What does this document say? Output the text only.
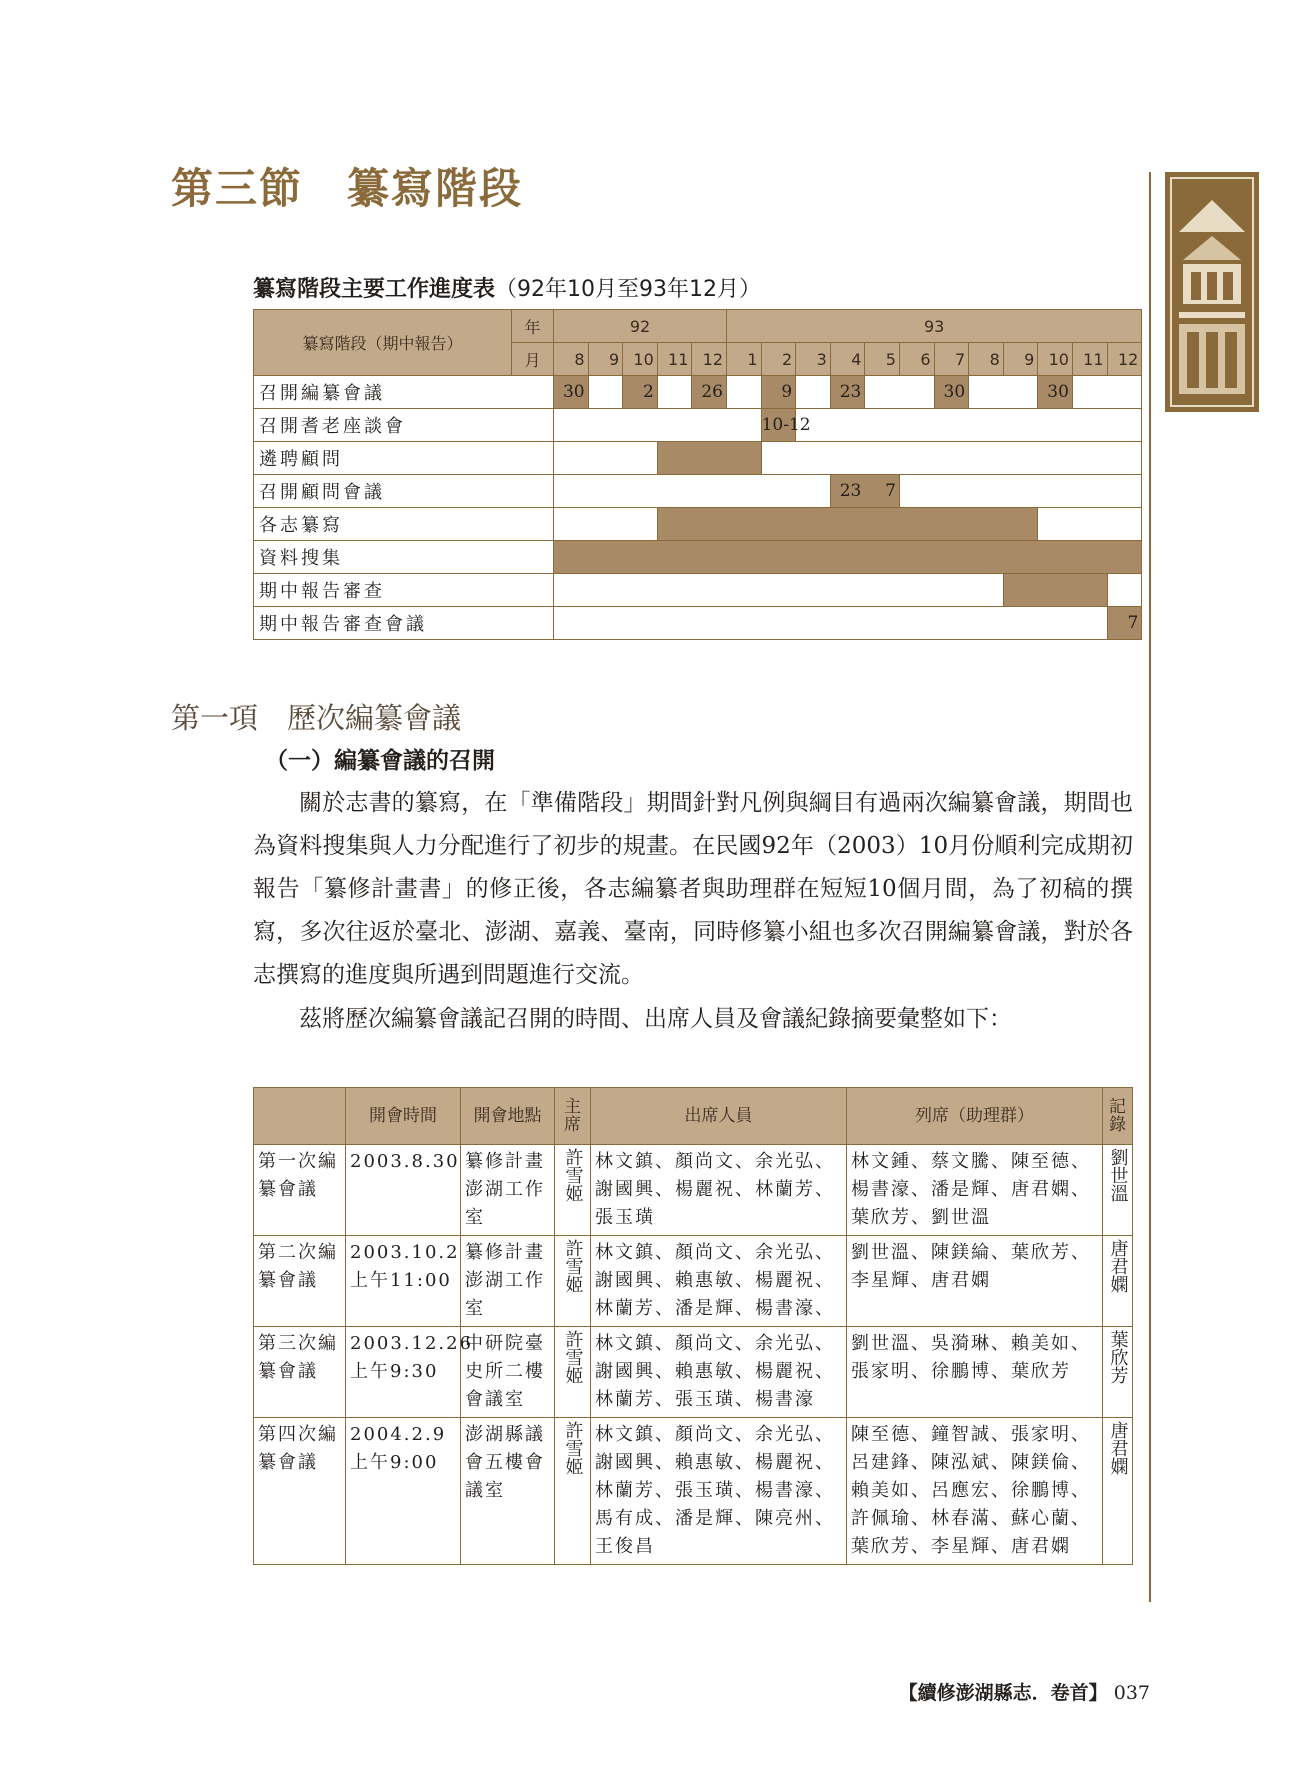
第三節　纂寫階段
纂寫階段主要工作進度表（92年10月至93年12月）
纂寫階段（期中報告）	年	92					93											
	月	8	9	10	11	12	1	2	3	4	5	6	7	8	9	10	11	12
召開編纂會議		30		2		26		9		23			30			30		
召開耆老座談會								10-12										
遴聘顧問																		
召開顧問會議										23	7							
各志纂寫																		
資料搜集																		
期中報告審查																		
期中報告審查會議																		7
第一項　歷次編纂會議
（一）編纂會議的召開
關於志書的纂寫，在「準備階段」期間針對凡例與綱目有過兩次編纂會議，期間也為資料搜集與人力分配進行了初步的規畫。在民國92年（2003）10月份順利完成期初報告「纂修計畫書」的修正後，各志編纂者與助理群在短短10個月間，為了初稿的撰寫，多次往返於臺北、澎湖、嘉義、臺南，同時修纂小組也多次召開編纂會議，對於各志撰寫的進度與所遇到問題進行交流。
茲將歷次編纂會議記召開的時間、出席人員及會議紀錄摘要彙整如下：
	開會時間	開會地點	主席	出席人員	列席（助理群）	記錄
第一次編纂會議	2003.8.30	纂修計畫澎湖工作室	許雪姬	林文鎮、顏尚文、余光弘、謝國興、楊麗祝、林蘭芳、張玉璜	林文鍾、蔡文騰、陳至德、楊書濠、潘是輝、唐君嫻、葉欣芳、劉世溫	劉世溫
第二次編纂會議	2003.10.2 上午11:00	纂修計畫澎湖工作室	許雪姬	林文鎮、顏尚文、余光弘、謝國興、賴惠敏、楊麗祝、林蘭芳、潘是輝、楊書濠、	劉世溫、陳鎂綸、葉欣芳、李星輝、唐君嫻	唐君嫻
第三次編纂會議	2003.12.26 上午9:30	中研院臺史所二樓會議室	許雪姬	林文鎮、顏尚文、余光弘、謝國興、賴惠敏、楊麗祝、林蘭芳、張玉璜、楊書濠	劉世溫、吳漪琳、賴美如、張家明、徐鵬博、葉欣芳	葉欣芳
第四次編纂會議	2004.2.9 上午9:00	澎湖縣議會五樓會議室	許雪姬	林文鎮、顏尚文、余光弘、謝國興、賴惠敏、楊麗祝、林蘭芳、張玉璜、楊書濠、馬有成、潘是輝、陳亮州、王俊昌	陳至德、鐘智誠、張家明、呂建鋒、陳泓斌、陳鎂倫、賴美如、呂應宏、徐鵬博、許佩瑜、林春滿、蘇心蘭、葉欣芳、李星輝、唐君嫻	唐君嫻
【續修澎湖縣志．卷首】 037
